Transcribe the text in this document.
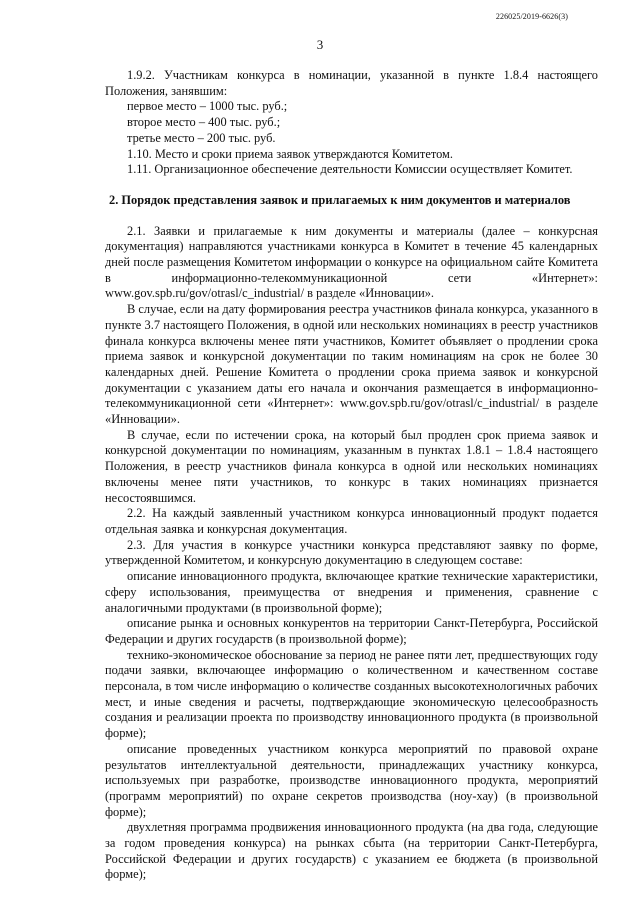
226025/2019-6626(3)
3

1.9.2. Участникам конкурса в номинации, указанной в пункте 1.8.4 настоящего Положения, занявшим:

первое место – 1000 тыс. руб.;

второе место – 400 тыс. руб.;

третье место – 200 тыс. руб.

1.10. Место и сроки приема заявок утверждаются Комитетом.

1.11. Организационное обеспечение деятельности Комиссии осуществляет Комитет.

2. Порядок представления заявок и прилагаемых к ним документов и материалов

2.1. Заявки и прилагаемые к ним документы и материалы (далее – конкурсная документация) направляются участниками конкурса в Комитет в течение 45 календарных дней после размещения Комитетом информации о конкурсе на официальном сайте Комитета в информационно-телекоммуникационной сети «Интернет»: www.gov.spb.ru/gov/otrasl/c_industrial/ в разделе «Инновации».

В случае, если на дату формирования реестра участников финала конкурса, указанного в пункте 3.7 настоящего Положения, в одной или нескольких номинациях в реестр участников финала конкурса включены менее пяти участников, Комитет объявляет о продлении срока приема заявок и конкурсной документации по таким номинациям на срок не более 30 календарных дней. Решение Комитета о продлении срока приема заявок и конкурсной документации с указанием даты его начала и окончания размещается в информационно-телекоммуникационной сети «Интернет»: www.gov.spb.ru/gov/otrasl/c_industrial/ в разделе «Инновации».

В случае, если по истечении срока, на который был продлен срок приема заявок и конкурсной документации по номинациям, указанным в пунктах 1.8.1 – 1.8.4 настоящего Положения, в реестр участников финала конкурса в одной или нескольких номинациях включены менее пяти участников, то конкурс в таких номинациях признается несостоявшимся.

2.2. На каждый заявленный участником конкурса инновационный продукт подается отдельная заявка и конкурсная документация.

2.3. Для участия в конкурсе участники конкурса представляют заявку по форме, утвержденной Комитетом, и конкурсную документацию в следующем составе:

описание инновационного продукта, включающее краткие технические характеристики, сферу использования, преимущества от внедрения и применения, сравнение с аналогичными продуктами (в произвольной форме);

описание рынка и основных конкурентов на территории Санкт-Петербурга, Российской Федерации и других государств (в произвольной форме);

технико-экономическое обоснование за период не ранее пяти лет, предшествующих году подачи заявки, включающее информацию о количественном и качественном составе персонала, в том числе информацию о количестве созданных высокотехнологичных рабочих мест, и иные сведения и расчеты, подтверждающие экономическую целесообразность создания и реализации проекта по производству инновационного продукта (в произвольной форме);

описание проведенных участником конкурса мероприятий по правовой охране результатов интеллектуальной деятельности, принадлежащих участнику конкурса, используемых при разработке, производстве инновационного продукта, мероприятий (программ мероприятий) по охране секретов производства (ноу-хау) (в произвольной форме);

двухлетняя программа продвижения инновационного продукта (на два года, следующие за годом проведения конкурса) на рынках сбыта (на территории Санкт-Петербурга, Российской Федерации и других государств) с указанием ее бюджета (в произвольной форме);
